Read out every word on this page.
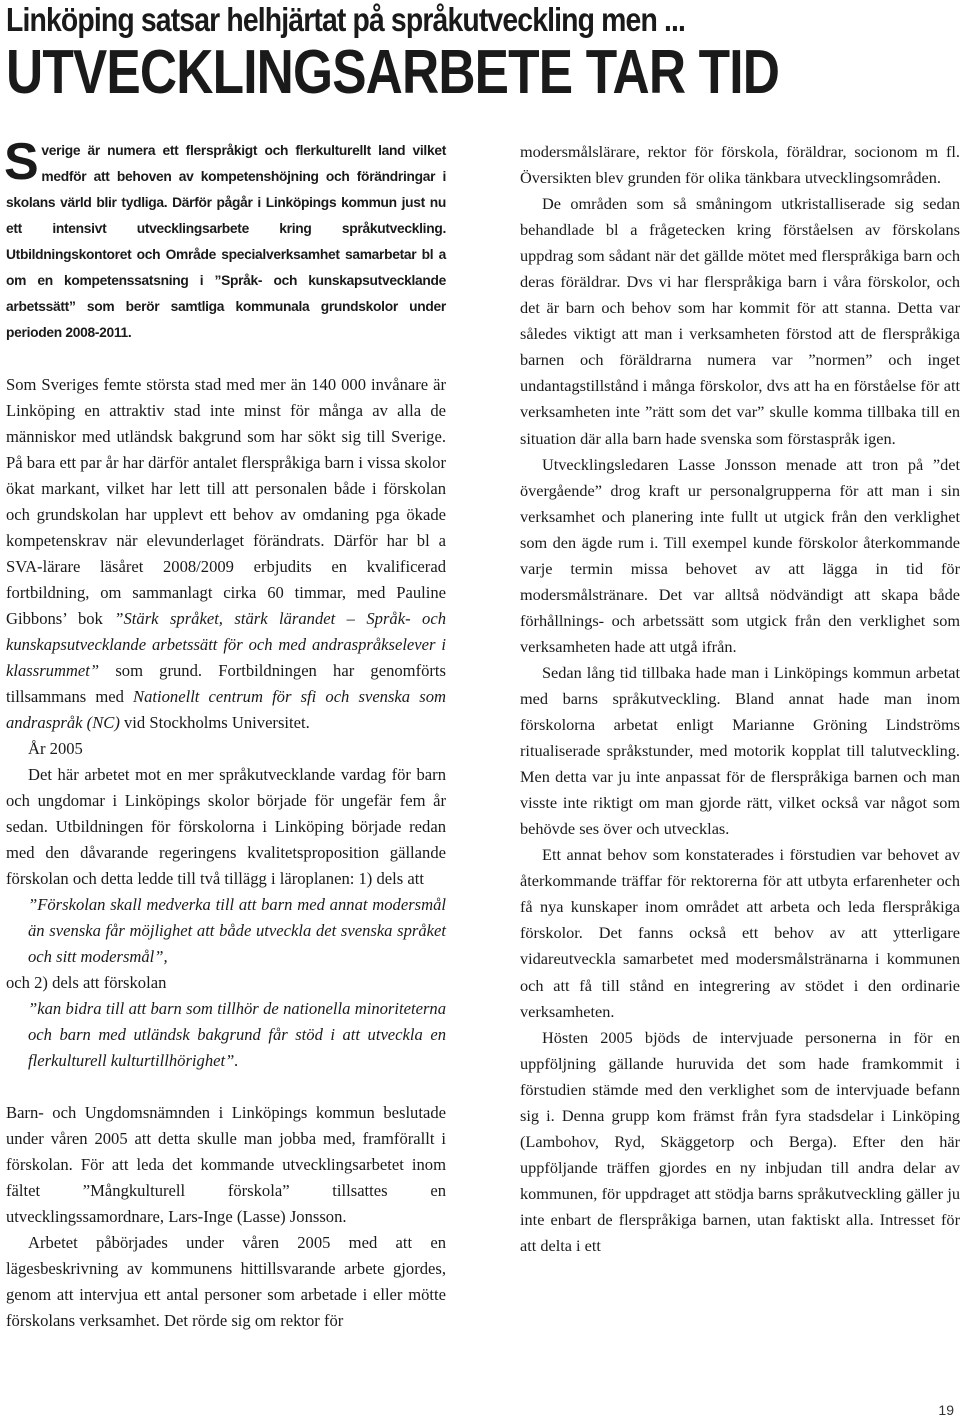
Linköping satsar helhjärtat på språkutveckling men ...
UTVECKLINGSARBETE TAR TID

Sverige är numera ett flerspråkigt och flerkulturellt land vilket medför att behoven av kompetenshöjning och förändringar i skolans värld blir tydliga. Därför pågår i Linköpings kommun just nu ett intensivt utvecklingsarbete kring språkutveckling. Utbildningskontoret och Område specialverksamhet samarbetar bl a om en kompetenssatsning i ”Språk- och kunskapsutvecklande arbetssätt” som berör samtliga kommunala grundskolor under perioden 2008-2011.

Som Sveriges femte största stad med mer än 140 000 invånare är Linköping en attraktiv stad inte minst för många av alla de människor med utländsk bakgrund som har sökt sig till Sverige. På bara ett par år har därför antalet flerspråkiga barn i vissa skolor ökat markant, vilket har lett till att personalen både i förskolan och grundskolan har upplevt ett behov av omdaning pga ökade kompetenskrav när elevunderlaget förändrats. Därför har bl a SVA-lärare läsåret 2008/2009 erbjudits en kvalificerad fortbildning, om sammanlagt cirka 60 timmar, med Pauline Gibbons’ bok ”Stärk språket, stärk lärandet – Språk- och kunskapsutvecklande arbetssätt för och med andraspråkselever i klassrummet” som grund. Fortbildningen har genomförts tillsammans med Nationellt centrum för sfi och svenska som andraspråk (NC) vid Stockholms Universitet.

År 2005

Det här arbetet mot en mer språkutvecklande vardag för barn och ungdomar i Linköpings skolor började för ungefär fem år sedan. Utbildningen för förskolorna i Linköping började redan med den dåvarande regeringens kvalitetsproposition gällande förskolan och detta ledde till två tillägg i läroplanen: 1) dels att

”Förskolan skall medverka till att barn med annat modersmål än svenska får möjlighet att både utveckla det svenska språket och sitt modersmål”,

och 2) dels att förskolan

”kan bidra till att barn som tillhör de nationella minoriteterna och barn med utländsk bakgrund får stöd i att utveckla en flerkulturell kulturtillhörighet”.

Barn- och Ungdomsnämnden i Linköpings kommun beslutade under våren 2005 att detta skulle man jobba med, framförallt i förskolan. För att leda det kommande utvecklingsarbetet inom fältet ”Mångkulturell förskola” tillsattes en utvecklingssamordnare, Lars-Inge (Lasse) Jonsson.

Arbetet påbörjades under våren 2005 med att en lägesbeskrivning av kommunens hittillsvarande arbete gjordes, genom att intervjua ett antal personer som arbetade i eller mötte förskolans verksamhet. Det rörde sig om rektor för

modersmålslärare, rektor för förskola, föräldrar, socionom m fl. Översikten blev grunden för olika tänkbara utvecklingsområden.

De områden som så småningom utkristalliserade sig sedan behandlade bl a frågetecken kring förståelsen av förskolans uppdrag som sådant när det gällde mötet med flerspråkiga barn och deras föräldrar. Dvs vi har flerspråkiga barn i våra förskolor, och det är barn och behov som har kommit för att stanna. Detta var således viktigt att man i verksamheten förstod att de flerspråkiga barnen och föräldrarna numera var ”normen” och inget undantagstillstånd i många förskolor, dvs att ha en förståelse för att verksamheten inte ”rätt som det var” skulle komma tillbaka till en situation där alla barn hade svenska som förstaspråk igen.

Utvecklingsledaren Lasse Jonsson menade att tron på ”det övergående” drog kraft ur personalgrupperna för att man i sin verksamhet och planering inte fullt ut utgick från den verklighet som den ägde rum i. Till exempel kunde förskolor återkommande varje termin missa behovet av att lägga in tid för modersmålstränare. Det var alltså nödvändigt att skapa både förhållnings- och arbetssätt som utgick från den verklighet som verksamheten hade att utgå ifrån.

Sedan lång tid tillbaka hade man i Linköpings kommun arbetat med barns språkutveckling. Bland annat hade man inom förskolorna arbetat enligt Marianne Gröning Lindströms ritualiserade språkstunder, med motorik kopplat till talutveckling. Men detta var ju inte anpassat för de flerspråkiga barnen och man visste inte riktigt om man gjorde rätt, vilket också var något som behövde ses över och utvecklas.

Ett annat behov som konstaterades i förstudien var behovet av återkommande träffar för rektorerna för att utbyta erfarenheter och få nya kunskaper inom området att arbeta och leda flerspråkiga förskolor. Det fanns också ett behov av att ytterligare vidareutveckla samarbetet med modersmålstränarna i kommunen och att få till stånd en integrering av stödet i den ordinarie verksamheten.

Hösten 2005 bjöds de intervjuade personerna in för en uppföljning gällande huruvida det som hade framkommit i förstudien stämde med den verklighet som de intervjuade befann sig i. Denna grupp kom främst från fyra stadsdelar i Linköping (Lambohov, Ryd, Skäggetorp och Berga). Efter den här uppföljande träffen gjordes en ny inbjudan till andra delar av kommunen, för uppdraget att stödja barns språkutveckling gäller ju inte enbart de flerspråkiga barnen, utan faktiskt alla. Intresset för att delta i ett

19
